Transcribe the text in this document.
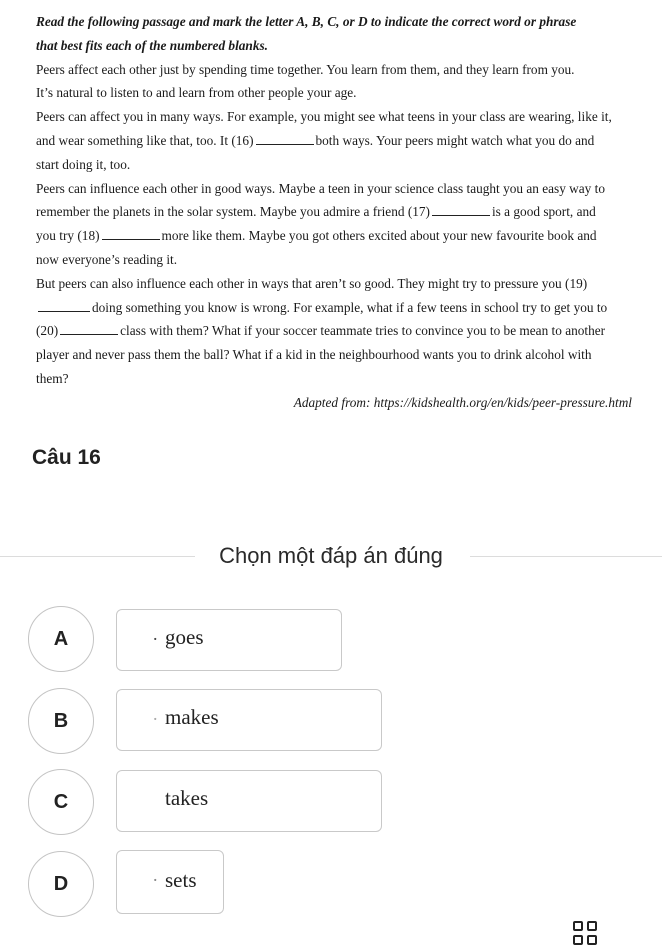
Read the following passage and mark the letter A, B, C, or D to indicate the correct word or phrase
that best fits each of the numbered blanks.
Peers affect each other just by spending time together. You learn from them, and they learn from you.
It’s natural to listen to and learn from other people your age.
Peers can affect you in many ways. For example, you might see what teens in your class are wearing, like it,
and wear something like that, too. It (16)	both ways. Your peers might watch what you do and
start doing it, too.
Peers can influence each other in good ways. Maybe a teen in your science class taught you an easy way to
remember the planets in the solar system. Maybe you admire a friend (17)	is a good sport, and
you try (18)	more like them. Maybe you got others excited about your new favourite book and
now everyone’s reading it.
But peers can also influence each other in ways that aren’t so good. They might try to pressure you (19)
doing something you know is wrong. For example, what if a few teens in school try to get you to
(20)	class with them? What if your soccer teammate tries to convince you to be mean to another
player and never pass them the ball? What if a kid in the neighbourhood wants you to drink alcohol with
them?
Adapted from: https://kidshealth.org/en/kids/peer-pressure.html
Câu 16
Chọn một đáp án đúng
A	. goes
B	. makes
C	takes
D	. sets
